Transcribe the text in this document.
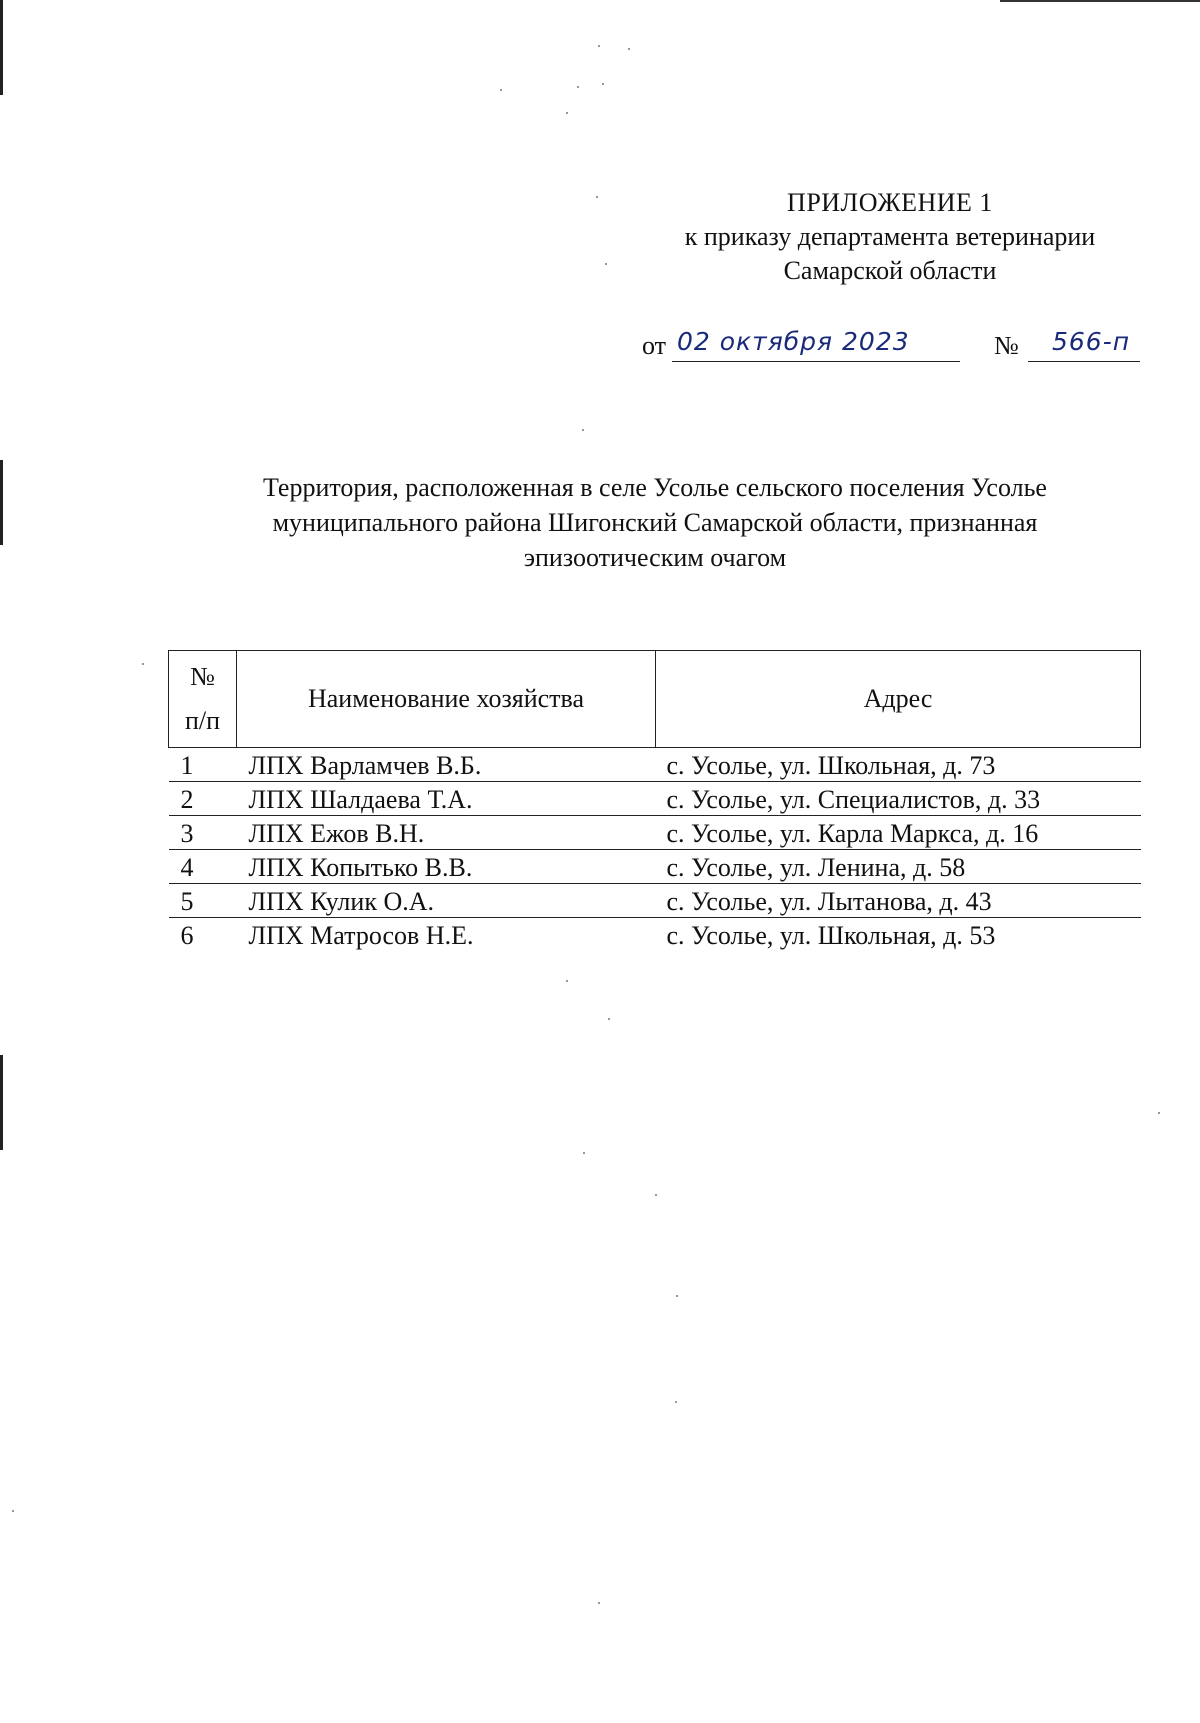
ПРИЛОЖЕНИЕ 1
к приказу департамента ветеринарии
Самарской области
от 02 октября 2023	№ 566-п
Территория, расположенная в селе Усолье сельского поселения Усолье
муниципального района Шигонский Самарской области, признанная
эпизоотическим очагом
№
п/п	Наименование хозяйства	Адрес
1	ЛПХ Варламчев В.Б.	с. Усолье, ул. Школьная, д. 73
2	ЛПХ Шалдаева Т.А.	с. Усолье, ул. Специалистов, д. 33
3	ЛПХ Ежов В.Н.	с. Усолье, ул. Карла Маркса, д. 16
4	ЛПХ Копытько В.В.	с. Усолье, ул. Ленина, д. 58
5	ЛПХ Кулик О.А.	с. Усолье, ул. Лытанова, д. 43
6	ЛПХ Матросов Н.Е.	с. Усолье, ул. Школьная, д. 53
